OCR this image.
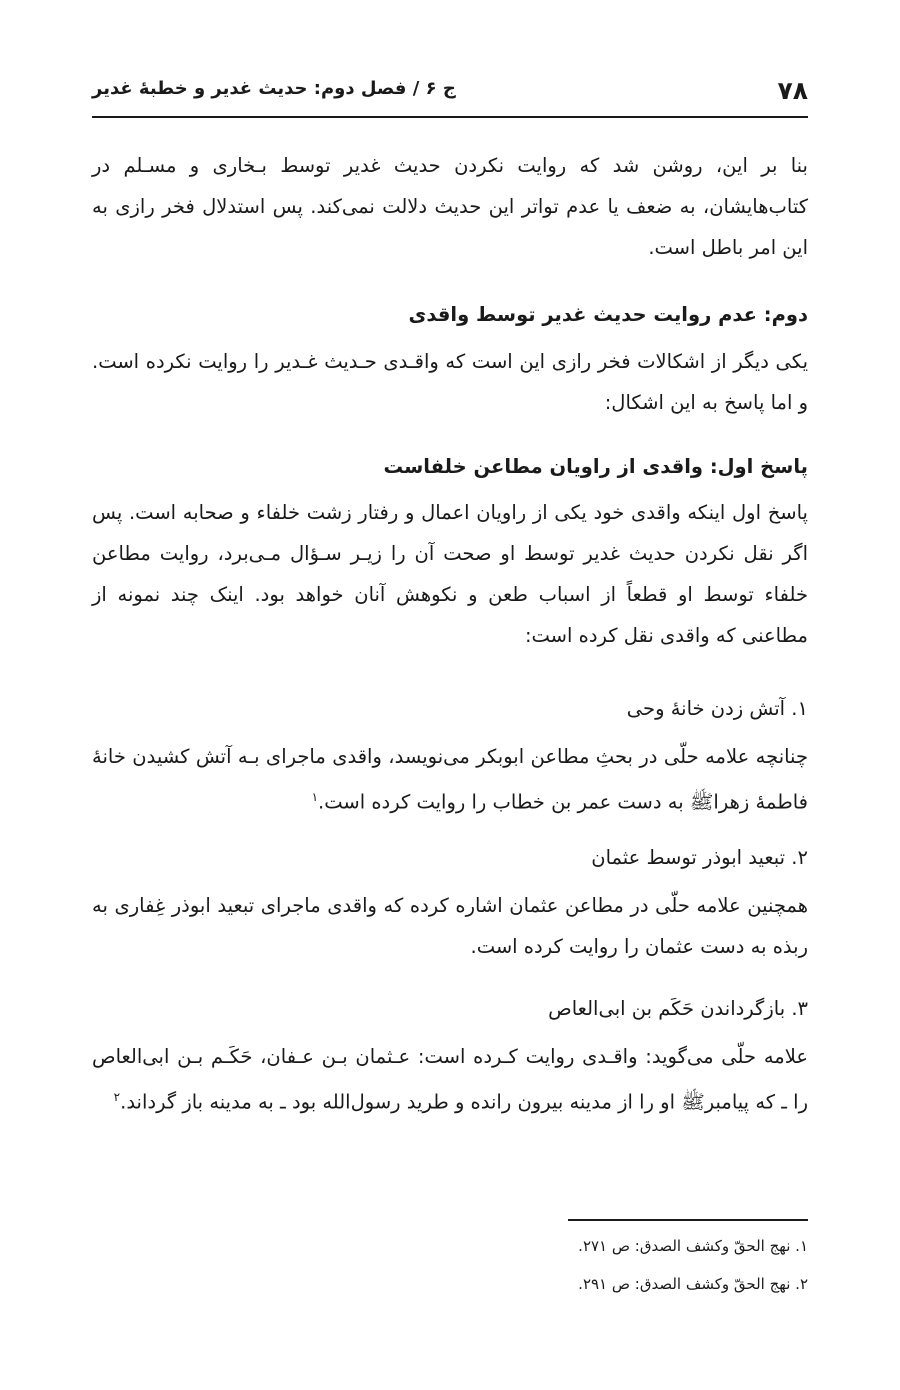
۷۸
ج ۶ / فصل دوم: حدیث غدیر و خطبهٔ غدیر

بنا بر این، روشن شد که روایت نکردن حدیث غدیر توسط بـخاری و مسـلم در کتاب‌هایشان، به ضعف یا عدم تواتر این حدیث دلالت نمی‌کند. پس استدلال فخر رازی به این امر باطل است.

دوم: عدم روایت حدیث غدیر توسط واقدی

یکی دیگر از اشکالات فخر رازی این است که واقـدی حـدیث غـدیر را روایت نکرده است. و اما پاسخ به این اشکال:

پاسخ اول: واقدی از راویان مطاعن خلفاست

پاسخ اول اینکه واقدی خود یکی از راویان اعمال و رفتار زشت خلفاء و صحابه است. پس اگر نقل نکردن حدیث غدیر توسط او صحت آن را زیـر سـؤال مـی‌برد، روایت مطاعن خلفاء توسط او قطعاً از اسباب طعن و نکوهش آنان خواهد بود. اینک چند نمونه از مطاعنی که واقدی نقل کرده است:

۱. آتش زدن خانهٔ وحی

چنانچه علامه حلّی در بحثِ مطاعن ابوبکر می‌نویسد، واقدی ماجرای بـه آتش کشیدن خانهٔ فاطمهٔ زهراﷺ به دست عمر بن خطاب را روایت کرده است.$^۱$

۲. تبعید ابوذر توسط عثمان

همچنین علامه حلّی در مطاعن عثمان اشاره کرده که واقدی ماجرای تبعید ابوذر غِفاری به ربذه به دست عثمان را روایت کرده است.

۳. بازگرداندن حَکَم بن ابی‌العاص

علامه حلّی می‌گوید: واقـدی روایت کـرده است: عـثمان بـن عـفان، حَکَـم بـن ابی‌العاص را ـ که پیامبرﷺ او را از مدینه بیرون رانده و طرید رسول‌الله بود ـ به مدینه باز گرداند.$^۲$

۱. نهج الحقّ وکشف الصدق: ص ۲۷۱.

۲. نهج الحقّ وکشف الصدق: ص ۲۹۱.
